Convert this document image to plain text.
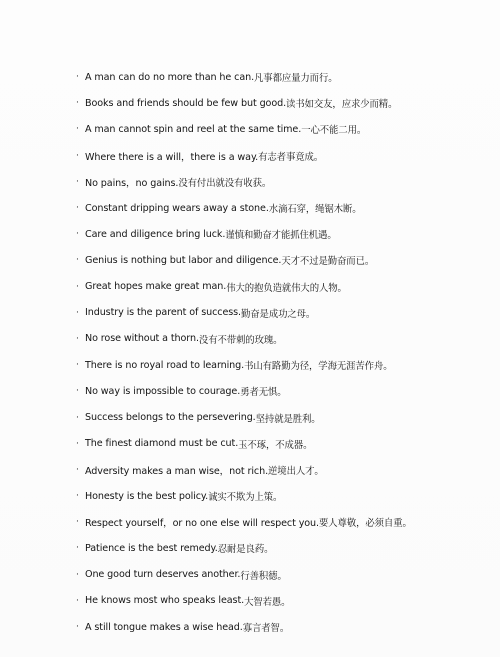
· A man can do no more than he can. 凡事都应量力而行。
· Books and friends should be few but good. 读书如交友，应求少而精。
· A man cannot spin and reel at the same time. 一心不能二用。
· Where there is a will，there is a way. 有志者事竟成。
· No pains，no gains. 没有付出就没有收获。
· Constant dripping wears away a stone. 水滴石穿，绳锯木断。
· Care and diligence bring luck. 谨慎和勤奋才能抓住机遇。
· Genius is nothing but labor and diligence. 天才不过是勤奋而已。
· Great hopes make great man. 伟大的抱负造就伟大的人物。
· Industry is the parent of success. 勤奋是成功之母。
· No rose without a thorn. 没有不带刺的玫瑰。
· There is no royal road to learning. 书山有路勤为径，学海无涯苦作舟。
· No way is impossible to courage. 勇者无惧。
· Success belongs to the persevering. 坚持就是胜利。
· The finest diamond must be cut. 玉不琢，不成器。
· Adversity makes a man wise，not rich. 逆境出人才。
· Honesty is the best policy. 诚实不欺为上策。
· Respect yourself，or no one else will respect you. 要人尊敬，必须自重。
· Patience is the best remedy. 忍耐是良药。
· One good turn deserves another. 行善积德。
· He knows most who speaks least. 大智若愚。
· A still tongue makes a wise head. 寡言者智。
